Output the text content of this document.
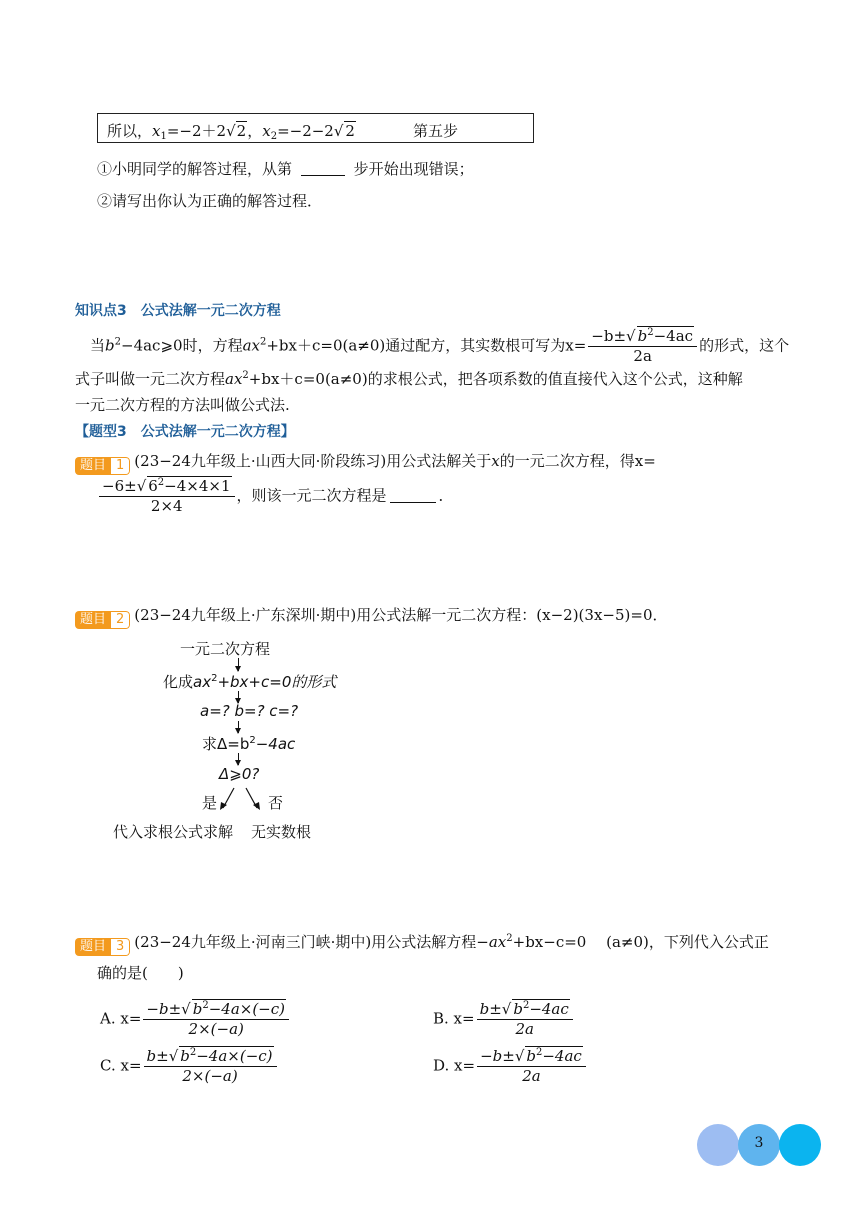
所以，$x_1=-2+2√2$，$x_2=-2-2√$ 2	第五步
①小明同学的解答过程，从第	步开始出现错误；
②请写出你认为正确的解答过程．
知识点3　公式法解一元二次方程
当$b^2-4ac⩾0$时，方程$ax^2+bx+c=0(a\ne 0)$通过配方，其实数根可写为$x= \frac{-b\pm√ b^2-4ac}{2a}$ 的形式，这个
式子叫做一元二次方程$ax^2+bx+c=0(a\ne 0)$的求根公式，把各项系数的值直接代入这个公式，这种解
一元二次方程的方法叫做公式法.
【题型3　公式法解一元二次方程】
题目 1 (23−24九年级上·山西大同·阶段练习)用公式法解关于x的一元二次方程，得x=
$\frac{-6\pm√ 6^2-4\times 4\times 1}{2\times 4}$ ，则该一元二次方程是	．
题目 2 (23−24九年级上·广东深圳·期中)用公式法解一元二次方程：(x−2)(3x−5)=0．
一元二次方程
化成$ax^2+bx+c=0$的形式
a=? b=? c=?
求$\Delta=b^2-4ac$
Δ⩾0?
是	否
代入求根公式求解 无实数根
题目 3 (23−24九年级上·河南三门峡·期中)用公式法解方程$-ax^2+bx-c=0$　 (a≠0)，下列代入公式正
确的是(　　)
A. $x= \frac{-b\pm√ b^2-4a\times(-c)}{2\times(-a)}$	B. $x= \frac{b\pm√ b^2-4ac}{2a}$
C. $x= \frac{b\pm√ b^2-4a\times(-c)}{2\times(-a)}$	D. $x= \frac{-b\pm√ b^2-4ac}{2a}$
3
